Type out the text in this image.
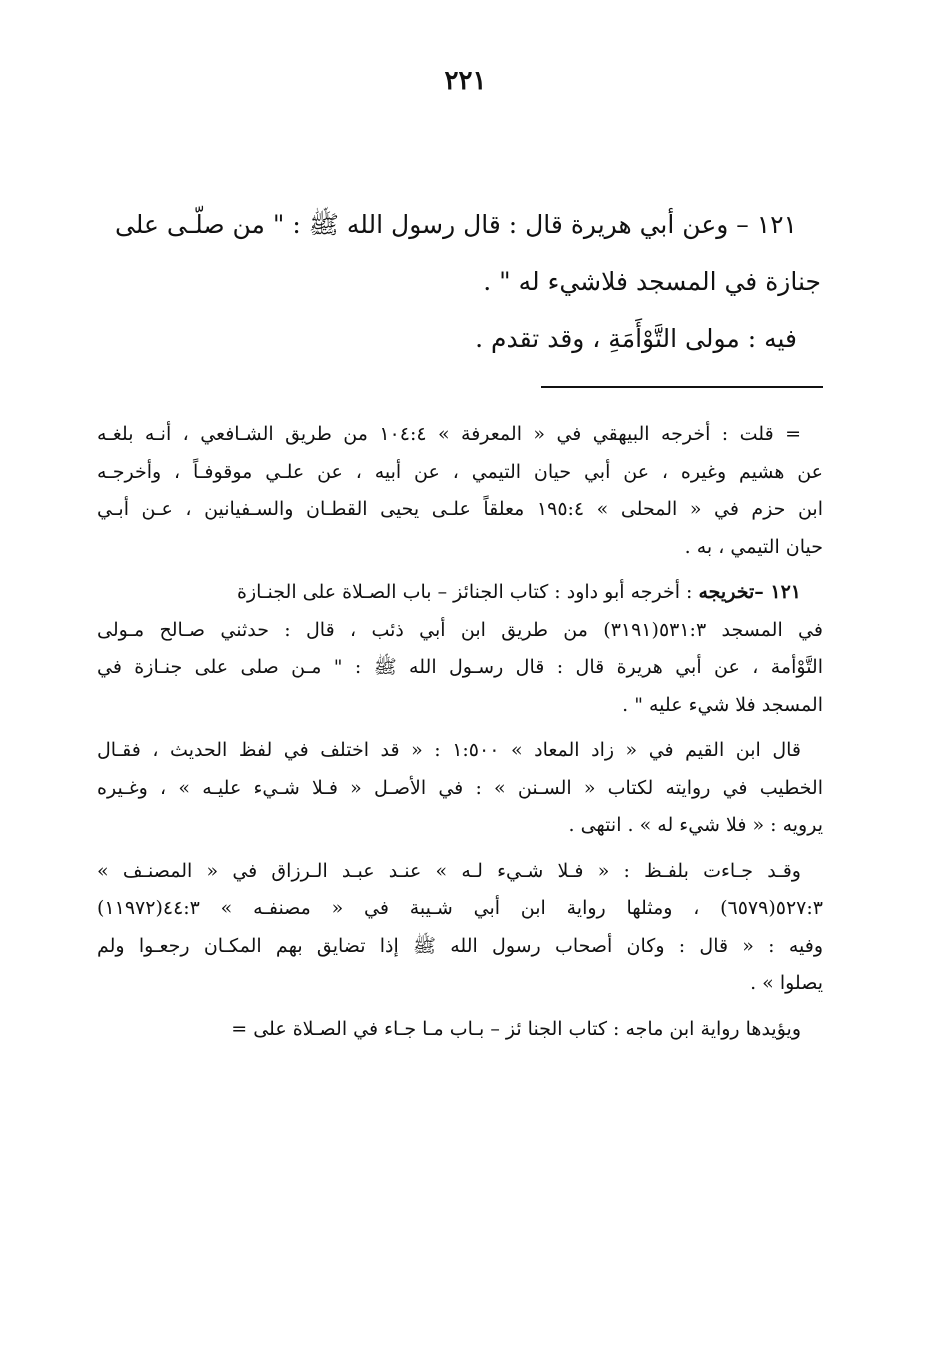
٢٢١
١٢١ – وعن أبي هريرة قال : قال رسول الله ﷺ : " من صلّـى على
جنازة في المسجد فلاشيء له " .
فيه : مولى التَّوْأَمَةِ ، وقد تقدم .
= قلت : أخرجه البيهقي في « المعرفة » ٤:٤‏١٠ من طريق الشـافعي ، أنـه بلغـه
عن هشيم وغيره ، عن أبي حيان التيمي ، عن أبيه ، عن علـي موقوفـاً ، وأخرجـه
ابن حزم في « المحلى » ١٩٥:٤ معلقاً علـى يحيى القطـان والسـفيانين ، عـن أبـي
حيان التيمي ، به .
١٢١ –تخريجه : أخرجه أبو داود : كتاب الجنائز – باب الصـلاة على الجنـازة
في المسجد ٥٣١:٣(٣١٩١) من طريق ابن أبي ذئب ، قال : حدثني صـالح مـولى
التَّوْأمة ، عن أبي هريرة قال : قال رسـول الله ﷺ : " مـن صلى على جنـازة في
المسجد فلا شيء عليه " .
قال ابن القيم في « زاد المعاد » ١:٥٠٠ : « قد اختلف في لفظ الحديث ، فقـال
الخطيب في روايته لكتاب « السـنن » : في الأصـل « فـلا شـيء عليـه » ، وغـيره
يرويه : « فلا شيء له » . انتهى .
وقـد جـاءت بلفـظ : « فـلا شـيء لـه » عنـد عبـد الـرزاق في « المصنـف »
٥٢٧:٣(٦٥٧٩) ، ومثلها رواية ابن أبي شـيبة في « مصنفـه » ٤٤:٣(١١٩٧٢)
وفيه : « قال : وكان أصحاب رسول الله ﷺ إذا تضايق بهم المكـان رجعـوا ولم
يصلوا » .
ويؤيدها رواية ابن ماجه : كتاب الجنا ئز – بـاب مـا جـاء في الصـلاة على =
